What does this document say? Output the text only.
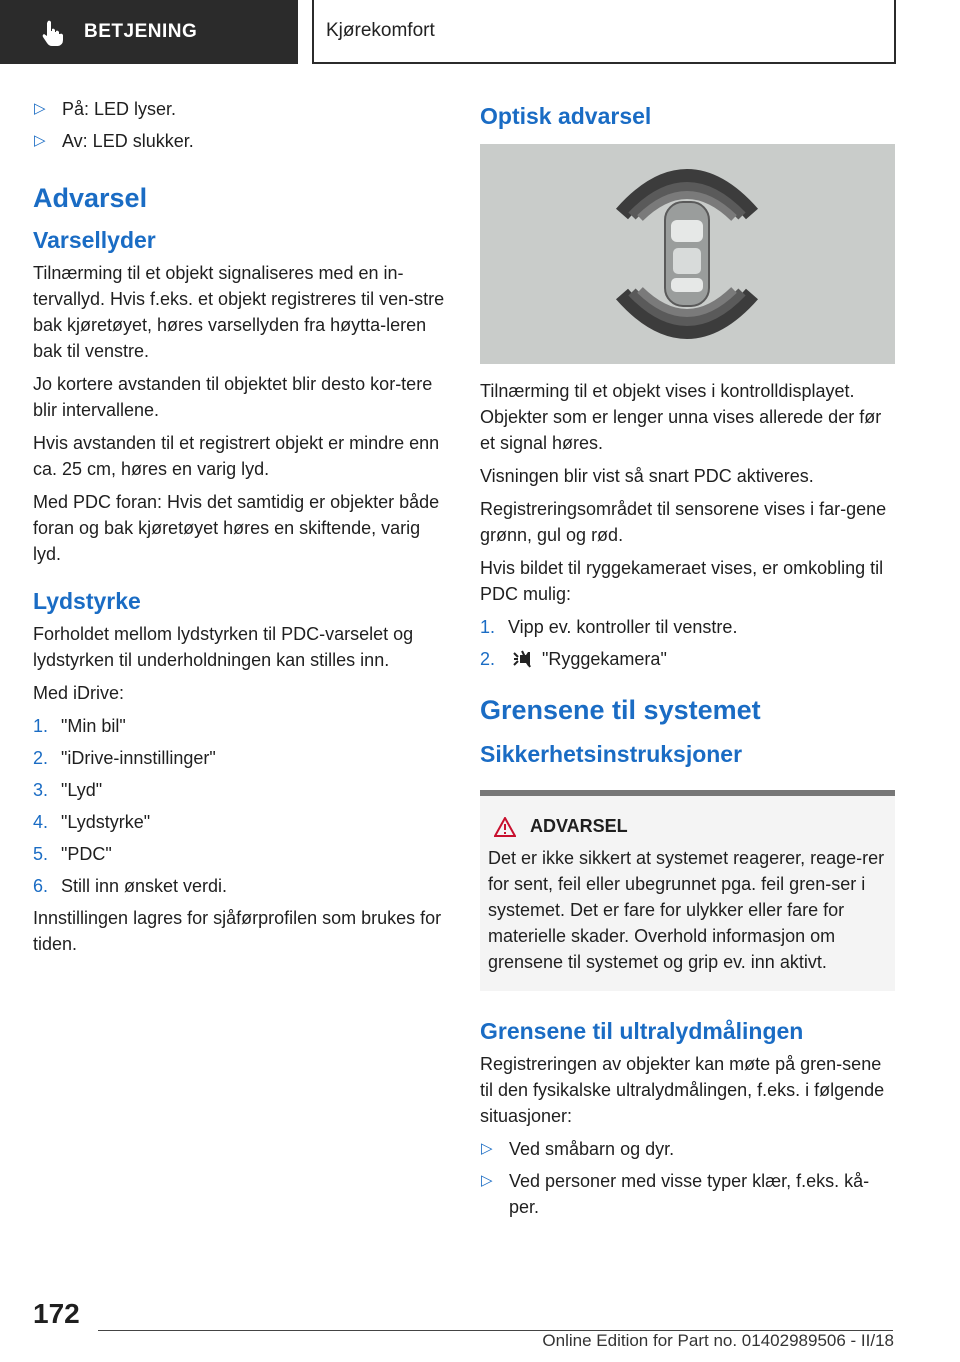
BETJENING	Kjørekomfort
▷ På: LED lyser.
▷ Av: LED slukker.
Advarsel
Varsellyder

Tilnærming til et objekt signaliseres med en in‐tervallyd. Hvis f.eks. et objekt registreres til ven‐stre bak kjøretøyet, høres varsellyden fra høytta‐leren bak til venstre.

Jo kortere avstanden til objektet blir desto kor‐tere blir intervallene.

Hvis avstanden til et registrert objekt er mindre enn ca. 25 cm, høres en varig lyd.

Med PDC foran: Hvis det samtidig er objekter både foran og bak kjøretøyet høres en skiftende, varig lyd.

Lydstyrke

Forholdet mellom lydstyrken til PDC-varselet og lydstyrken til underholdningen kan stilles inn.

Med iDrive:

1. "Min bil"
2. "iDrive-innstillinger"
3. "Lyd"
4. "Lydstyrke"
5. "PDC"
6. Still inn ønsket verdi.

Innstillingen lagres for sjåførprofilen som brukes for tiden.

Optisk advarsel

Tilnærming til et objekt vises i kontrolldisplayet. Objekter som er lenger unna vises allerede der før et signal høres.

Visningen blir vist så snart PDC aktiveres.

Registreringsområdet til sensorene vises i far‐gene grønn, gul og rød.

Hvis bildet til ryggekameraet vises, er omkobling til PDC mulig:

1. Vipp ev. kontroller til venstre.
2.	"Ryggekamera"
Grensene til systemet
Sikkerhetsinstruksjoner
ADVARSEL

Det er ikke sikkert at systemet reagerer, reage‐rer for sent, feil eller ubegrunnet pga. feil gren‐ser i systemet. Det er fare for ulykker eller fare for materielle skader. Overhold informasjon om grensene til systemet og grip ev. inn aktivt.

Grensene til ultralydmålingen

Registreringen av objekter kan møte på gren‐sene til den fysikalske ultralydmålingen, f.eks. i følgende situasjoner:

▷ Ved småbarn og dyr.
▷ Ved personer med visse typer klær, f.eks. kå‐per.
172
Online Edition for Part no. 01402989506 - II/18
